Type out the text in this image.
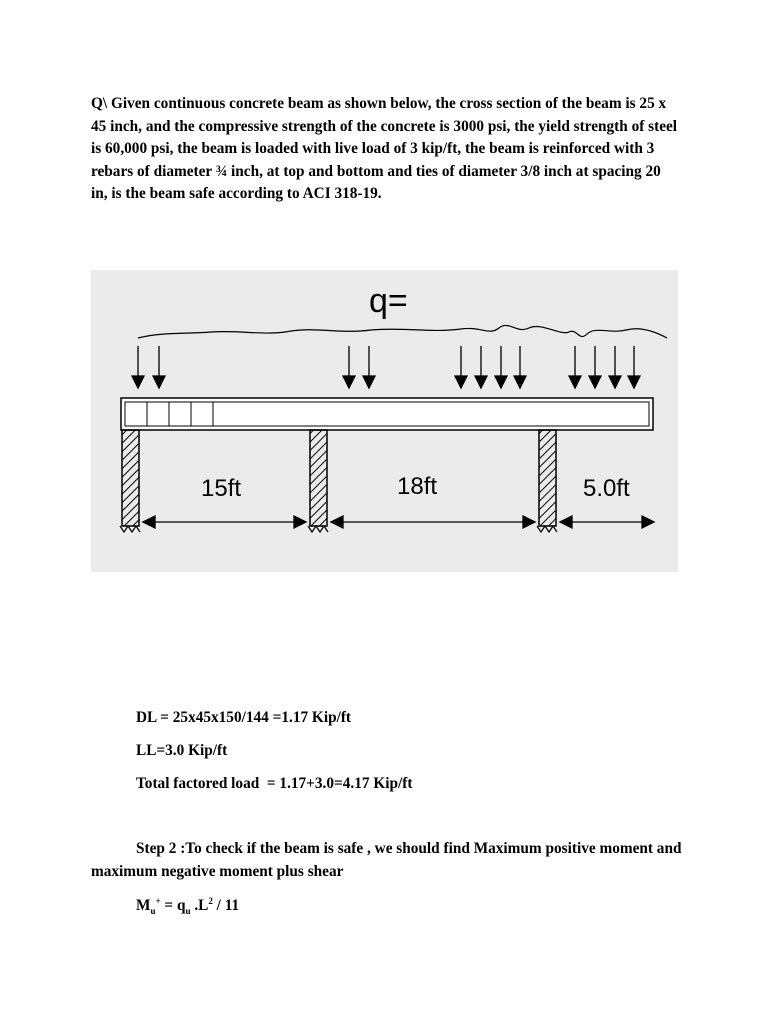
Q\ Given continuous concrete beam as shown below, the cross section of the beam is 25 x 45 inch, and the compressive strength of the concrete is 3000 psi, the yield strength of steel is 60,000 psi, the beam is loaded with live load of 3 kip/ft, the beam is reinforced with 3 rebars of diameter ¾ inch, at top and bottom and ties of diameter 3/8 inch at spacing 20 in, is the beam safe according to ACI 318-19.
q=
15ft	18ft	5.0ft
DL = 25x45x150/144 =1.17 Kip/ft
LL=3.0 Kip/ft
Total factored load  = 1.17+3.0=4.17 Kip/ft
Step 2 :To check if the beam is safe , we should find Maximum positive moment and maximum negative moment plus shear
$M_u^+ = q_u$ $.L^2 / 11$
